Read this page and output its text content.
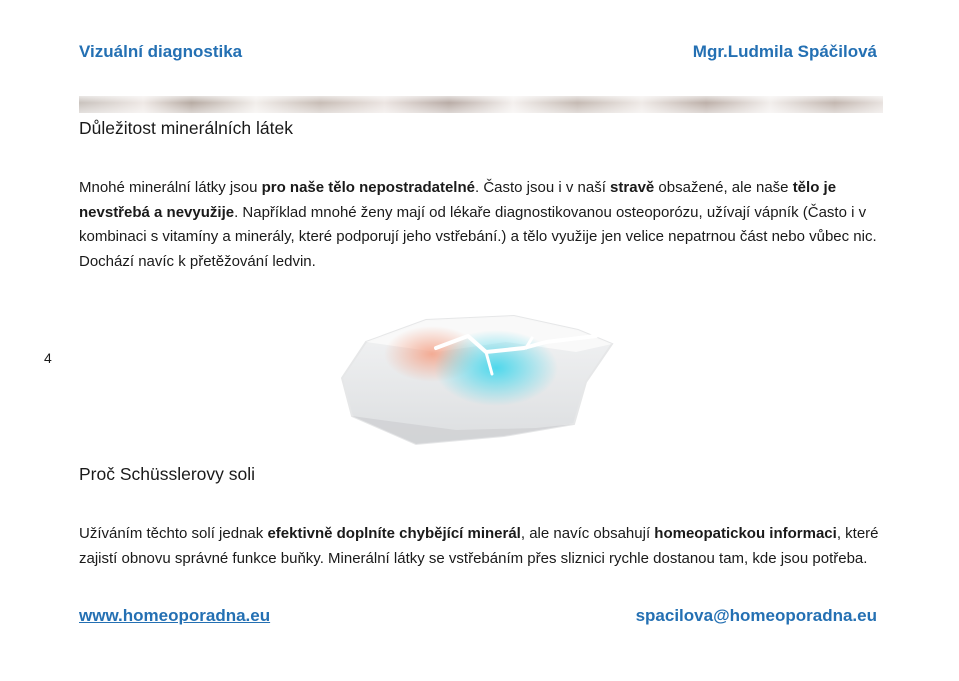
Vizuální diagnostika	Mgr.Ludmila Spáčilová
Důležitost minerálních látek

Mnohé minerální látky jsou pro naše tělo nepostradatelné. Často jsou i v naší stravě obsažené, ale naše tělo je nevstřebá a nevyužije. Například mnohé ženy mají od lékaře diagnostikovanou osteoporózu, užívají vápník (Často i v kombinaci s vitamíny a minerály, které podporují jeho vstřebání.) a tělo využije jen velice nepatrnou část nebo vůbec nic. Dochází navíc k přetěžování ledvin.

4
Proč Schüsslerovy soli

Užíváním těchto solí jednak efektivně doplníte chybějící minerál, ale navíc obsahují homeopatickou informaci, které zajistí obnovu správné funkce buňky. Minerální látky se vstřebáním přes sliznici rychle dostanou tam, kde jsou potřeba.

www.homeoporadna.eu	spacilova@homeoporadna.eu
